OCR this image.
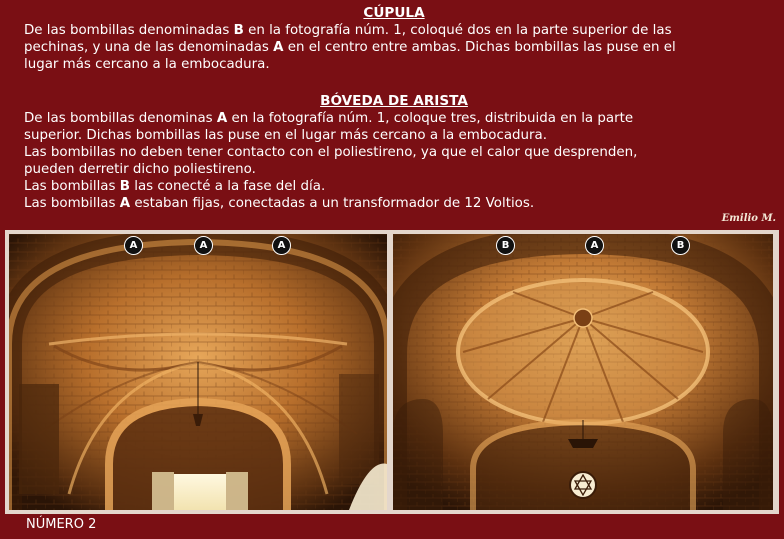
CÚPULA
De las bombillas denominadas B en la fotografía núm. 1, coloqué dos en la parte superior de las
pechinas, y una de las denominadas A en el centro entre ambas. Dichas bombillas las puse en el
lugar más cercano a la embocadura.
BÓVEDA DE ARISTA
De las bombillas denominas A en la fotografía núm. 1, coloque tres, distribuida en la parte
superior. Dichas bombillas las puse en el lugar más cercano a la embocadura.
Las bombillas no deben tener contacto con el poliestireno, ya que el calor que desprenden,
pueden derretir dicho poliestireno.
Las bombillas B las conecté a la fase del día.
Las bombillas A estaban fijas, conectadas a un transformador de 12 Voltios.
Emilio M.
A	A	A	B	A	B
NÚMERO 2
